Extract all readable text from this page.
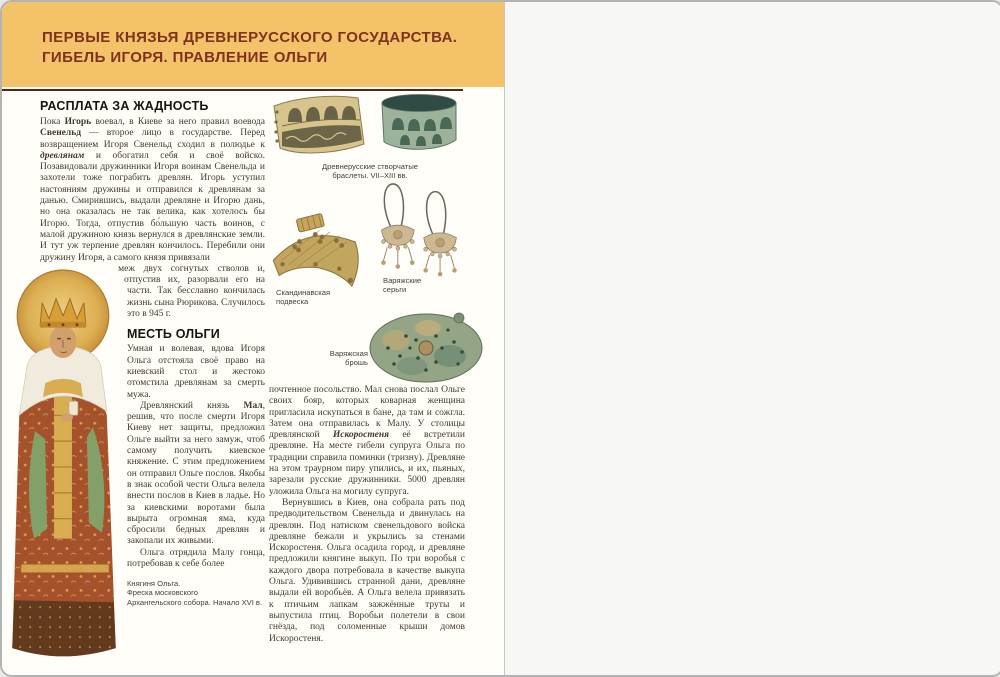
ПЕРВЫЕ КНЯЗЬЯ ДРЕВНЕРУССКОГО ГОСУДАРСТВА.
ГИБЕЛЬ ИГОРЯ. ПРАВЛЕНИЕ ОЛЬГИ
РАСПЛАТА ЗА ЖАДНОСТЬ

Пока Игорь воевал, в Киеве за него правил воевода Свенельд — второе лицо в государстве. Перед возвращением Игоря Свенельд сходил в полюдье к древлянам и обогатил себя и своё войско. Позавидовали дружинники Игоря воинам Свенельда и захотели тоже пограбить древлян. Игорь уступил настояниям дружины и отправился к древлянам за данью. Смирившись, выдали древляне и Игорю дань, но она оказалась не так велика, как хотелось бы Игорю. Тогда, отпустив бо́льшую часть воинов, с малой дружиною князь вернулся в древлянские земли. И тут уж терпение древлян кончилось. Перебили они дружину Игоря, а самого князя привязали

меж двух согнутых стволов и, отпустив их, разорвали его на части. Так бесславно кончилась жизнь сына Рюрикова. Случилось это в 945 г.

МЕСТЬ ОЛЬГИ

Умная и волевая, вдова Игоря Ольга отстояла своё право на киевский стол и жестоко отомстила древлянам за смерть мужа.

Древлянский князь Мал, решив, что после смерти Игоря Киеву нет защиты, предложил Ольге выйти за него замуж, чтоб самому получить киевское княжение. С этим предложением он отправил Ольге послов. Якобы в знак особой чести Ольга велела внести послов в Киев в ладье. Но за киевскими воротами была вырыта огромная яма, куда сбросили бедных древлян и закопали их живыми.

Ольга отрядила Малу гонца, потребовав к себе более

Княгиня Ольга.
Фреска московского
Архангельского собора. Начало XVI в.
Древнерусские створчатые
браслеты. VII–XIII вв.
Варяжские
серьги
Скандинавская
подвеска
Варяжская
брошь

почтенное посольство. Мал снова послал Ольге своих бояр, которых коварная женщина пригласила искупаться в бане, да там и сожгла. Затем она отправилась к Малу. У столицы древлянской Искоростеня её встретили древляне. На месте гибели супруга Ольга по традиции справила поминки (тризну). Древляне на этом траурном пиру упились, и их, пьяных, зарезали русские дружинники. 5000 древлян уложила Ольга на могилу супруга.

Вернувшись в Киев, она собрала рать под предводительством Свенельда и двинулась на древлян. Под натиском свенельдового войска древляне бежали и укрылись за стенами Искоростеня. Ольга осадила город, и древляне предложили княгине выкуп. По три воробья с каждого двора потребовала в качестве выкупа Ольга. Удивившись странной дани, древляне выдали ей воробьёв. А Ольга велела привязать к птичьим лапкам зажжённые труты и выпустила птиц. Воробьи полетели в свои гнёзда, под соломенные крыши домов Искоростеня.
